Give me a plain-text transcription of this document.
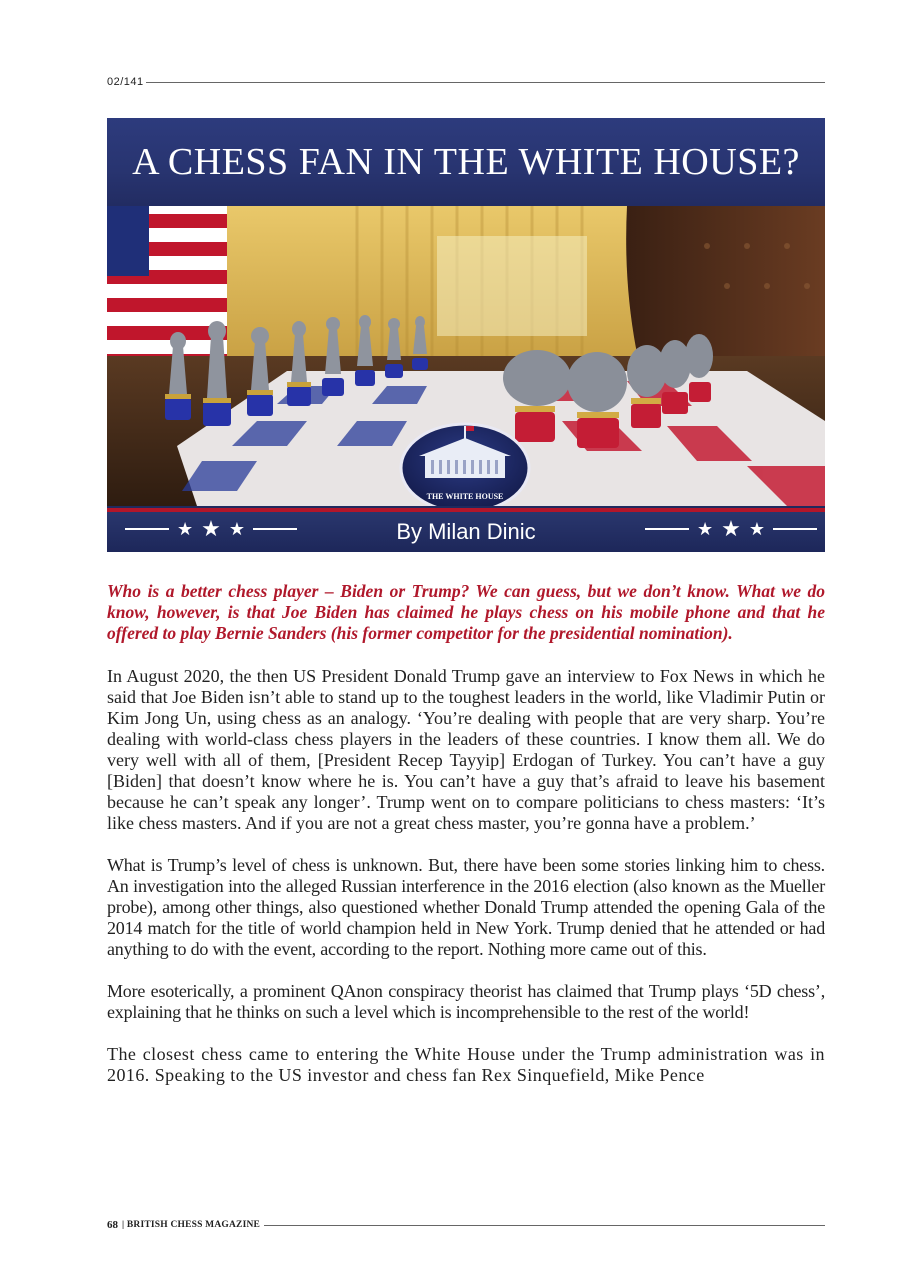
02/141
A CHESS FAN IN THE WHITE HOUSE?
THE WHITE HOUSE
★ ★ ★	By Milan Dinic	★ ★ ★

Who is a better chess player – Biden or Trump? We can guess, but we don’t know. What we do know, however, is that Joe Biden has claimed he plays chess on his mobile phone and that he offered to play Bernie Sanders (his former competitor for the presidential nomination).

In August 2020, the then US President Donald Trump gave an interview to Fox News in which he said that Joe Biden isn’t able to stand up to the toughest leaders in the world, like Vladimir Putin or Kim Jong Un, using chess as an analogy. ‘You’re dealing with people that are very sharp. You’re dealing with world-class chess players in the leaders of these countries. I know them all. We do very well with all of them, [President Recep Tayyip] Erdogan of Turkey. You can’t have a guy [Biden] that doesn’t know where he is. You can’t have a guy that’s afraid to leave his basement because he can’t speak any longer’. Trump went on to compare politicians to chess masters: ‘It’s like chess masters. And if you are not a great chess master, you’re gonna have a problem.’

What is Trump’s level of chess is unknown. But, there have been some stories linking him to chess. An investigation into the alleged Russian interference in the 2016 election (also known as the Mueller probe), among other things, also questioned whether Donald Trump attended the opening Gala of the 2014 match for the title of world champion held in New York. Trump denied that he attended or had anything to do with the event, according to the report. Nothing more came out of this.

More esoterically, a prominent QAnon conspiracy theorist has claimed that Trump plays ‘5D chess’, explaining that he thinks on such a level which is incomprehensible to the rest of the world!

The closest chess came to entering the White House under the Trump administration was in 2016. Speaking to the US investor and chess fan Rex Sinquefield, Mike Pence

68 | BRITISH CHESS MAGAZINE
